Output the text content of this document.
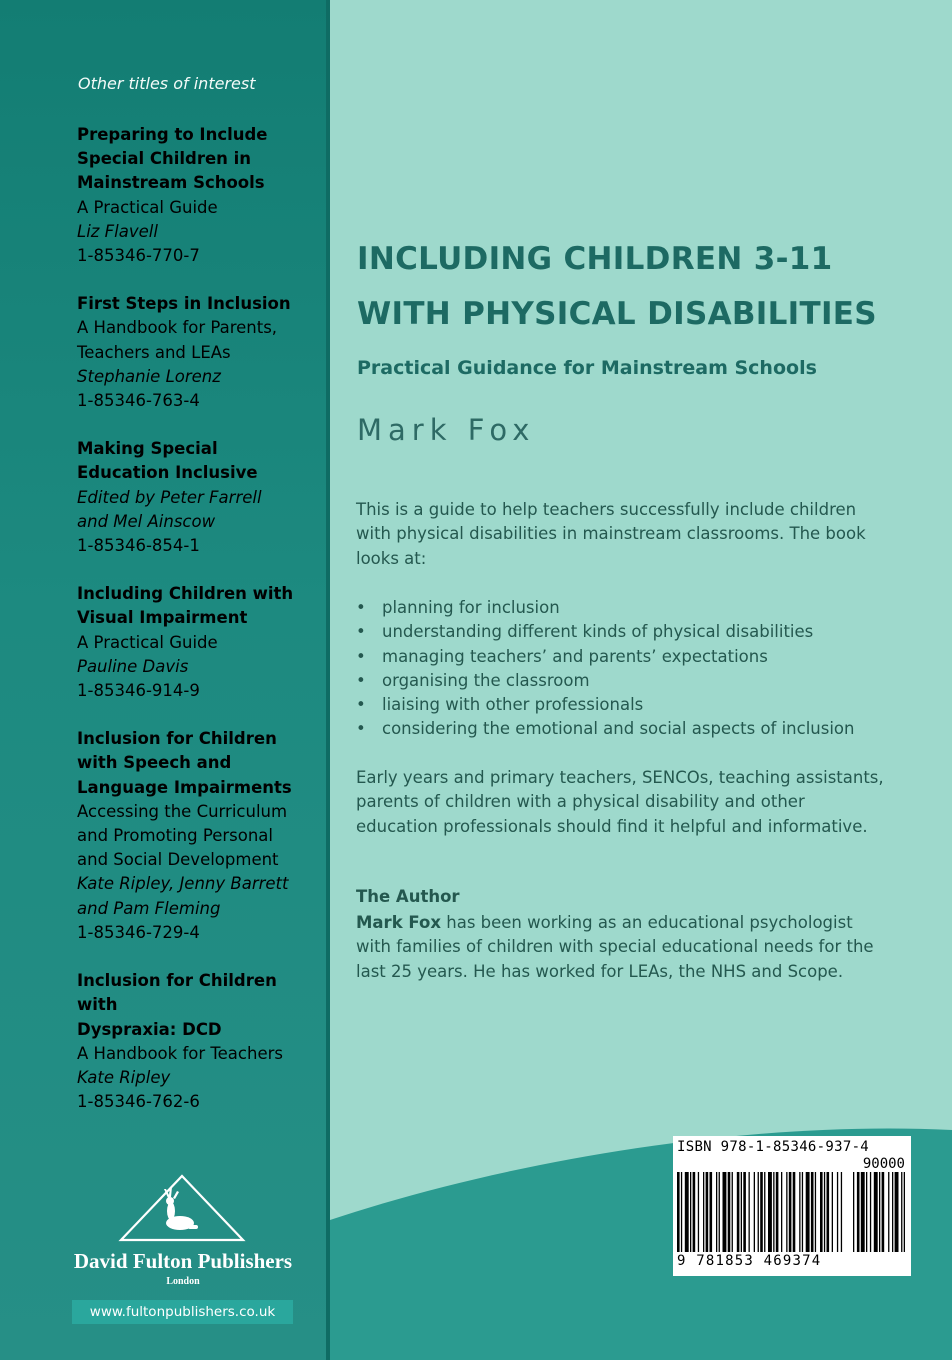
Other titles of interest
Preparing to Include
Special Children in
Mainstream Schools
A Practical Guide
Liz Flavell
1-85346-770-7
First Steps in Inclusion
A Handbook for Parents,
Teachers and LEAs
Stephanie Lorenz
1-85346-763-4
Making Special
Education Inclusive
Edited by Peter Farrell
and Mel Ainscow
1-85346-854-1
Including Children with
Visual Impairment
A Practical Guide
Pauline Davis
1-85346-914-9
Inclusion for Children
with Speech and
Language Impairments
Accessing the Curriculum
and Promoting Personal
and Social Development
Kate Ripley, Jenny Barrett
and Pam Fleming
1-85346-729-4
Inclusion for Children with
Dyspraxia: DCD
A Handbook for Teachers
Kate Ripley
1-85346-762-6
David Fulton Publishers
London
www.fultonpublishers.co.uk
INCLUDING CHILDREN 3-11
WITH PHYSICAL DISABILITIES
Practical Guidance for Mainstream Schools
Mark Fox
This is a guide to help teachers successfully include children with physical disabilities in mainstream classrooms. The book looks at:
• planning for inclusion
• understanding different kinds of physical disabilities
• managing teachers’ and parents’ expectations
• organising the classroom
• liaising with other professionals
• considering the emotional and social aspects of inclusion
Early years and primary teachers, SENCOs, teaching assistants, parents of children with a physical disability and other education professionals should find it helpful and informative.
The Author
Mark Fox has been working as an educational psychologist with families of children with special educational needs for the last 25 years. He has worked for LEAs, the NHS and Scope.
ISBN 978-1-85346-937-4
90000
9 781853 469374
